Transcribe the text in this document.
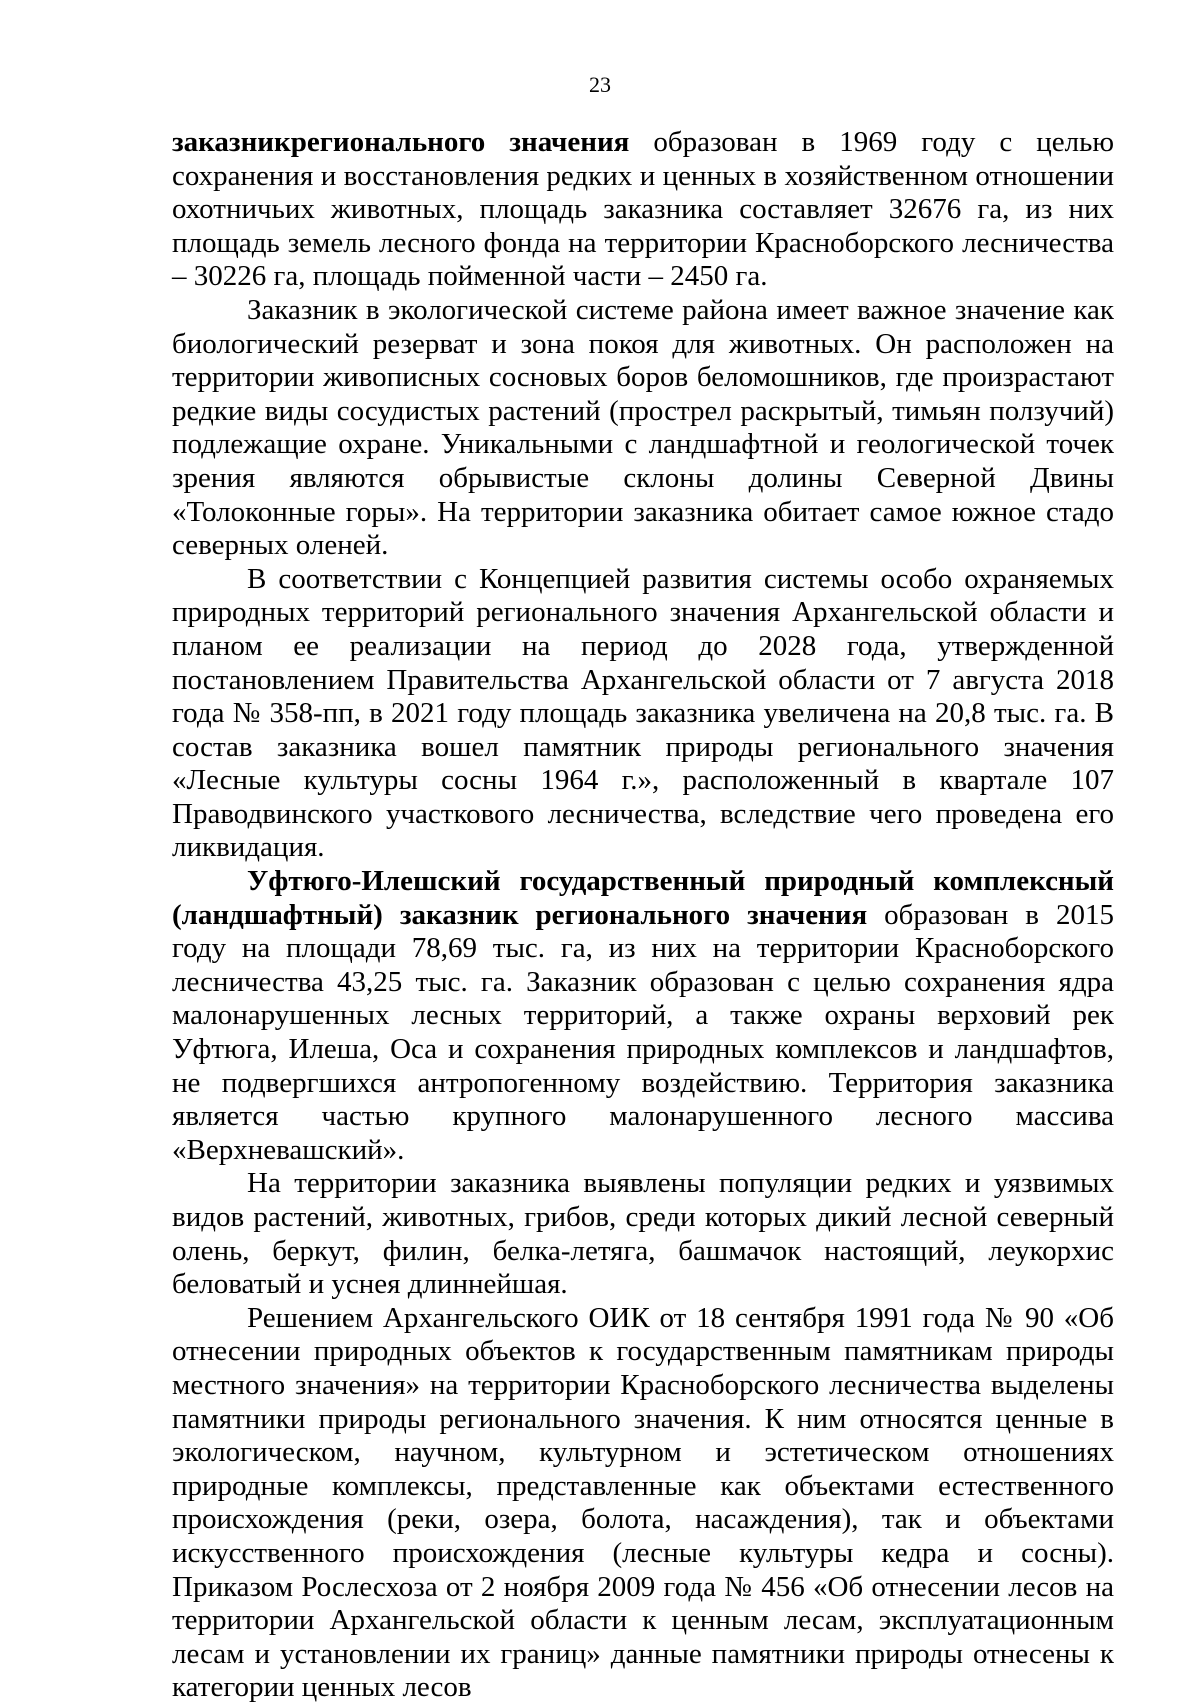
23

заказникрегионального значения образован в 1969 году с целью сохранения и восстановления редких и ценных в хозяйственном отношении охотничьих животных, площадь заказника составляет 32676 га, из них площадь земель лесного фонда на территории Красноборского лесничества – 30226 га, площадь пойменной части – 2450 га.

Заказник в экологической системе района имеет важное значение как биологический резерват и зона покоя для животных. Он расположен на территории живописных сосновых боров беломошников, где произрастают редкие виды сосудистых растений (прострел раскрытый, тимьян ползучий) подлежащие охране. Уникальными с ландшафтной и геологической точек зрения являются обрывистые склоны долины Северной Двины «Толоконные горы». На территории заказника обитает самое южное стадо северных оленей.

В соответствии с Концепцией развития системы особо охраняемых природных территорий регионального значения Архангельской области и планом ее реализации на период до 2028 года, утвержденной постановлением Правительства Архангельской области от 7 августа 2018 года № 358-пп, в 2021 году площадь заказника увеличена на 20,8 тыс. га. В состав заказника вошел памятник природы регионального значения «Лесные культуры сосны 1964 г.», расположенный в квартале 107 Праводвинского участкового лесничества, вследствие чего проведена его ликвидация.

Уфтюго-Илешский государственный природный комплексный (ландшафтный) заказник регионального значения образован в 2015 году на площади 78,69 тыс. га, из них на территории Красноборского лесничества 43,25 тыс. га. Заказник образован с целью сохранения ядра малонарушенных лесных территорий, а также охраны верховий рек Уфтюга, Илеша, Оса и сохранения природных комплексов и ландшафтов, не подвергшихся антропогенному воздействию. Территория заказника является частью крупного малонарушенного лесного массива «Верхневашский».

На территории заказника выявлены популяции редких и уязвимых видов растений, животных, грибов, среди которых дикий лесной северный олень, беркут, филин, белка-летяга, башмачок настоящий, леукорхис беловатый и уснея длиннейшая.

Решением Архангельского ОИК от 18 сентября 1991 года № 90 «Об отнесении природных объектов к государственным памятникам природы местного значения» на территории Красноборского лесничества выделены памятники природы регионального значения. К ним относятся ценные в экологическом, научном, культурном и эстетическом отношениях природные комплексы, представленные как объектами естественного происхождения (реки, озера, болота, насаждения), так и объектами искусственного происхождения (лесные культуры кедра и сосны). Приказом Рослесхоза от 2 ноября 2009 года № 456 «Об отнесении лесов на территории Архангельской области к ценным лесам, эксплуатационным лесам и установлении их границ» данные памятники природы отнесены к категории ценных лесов
